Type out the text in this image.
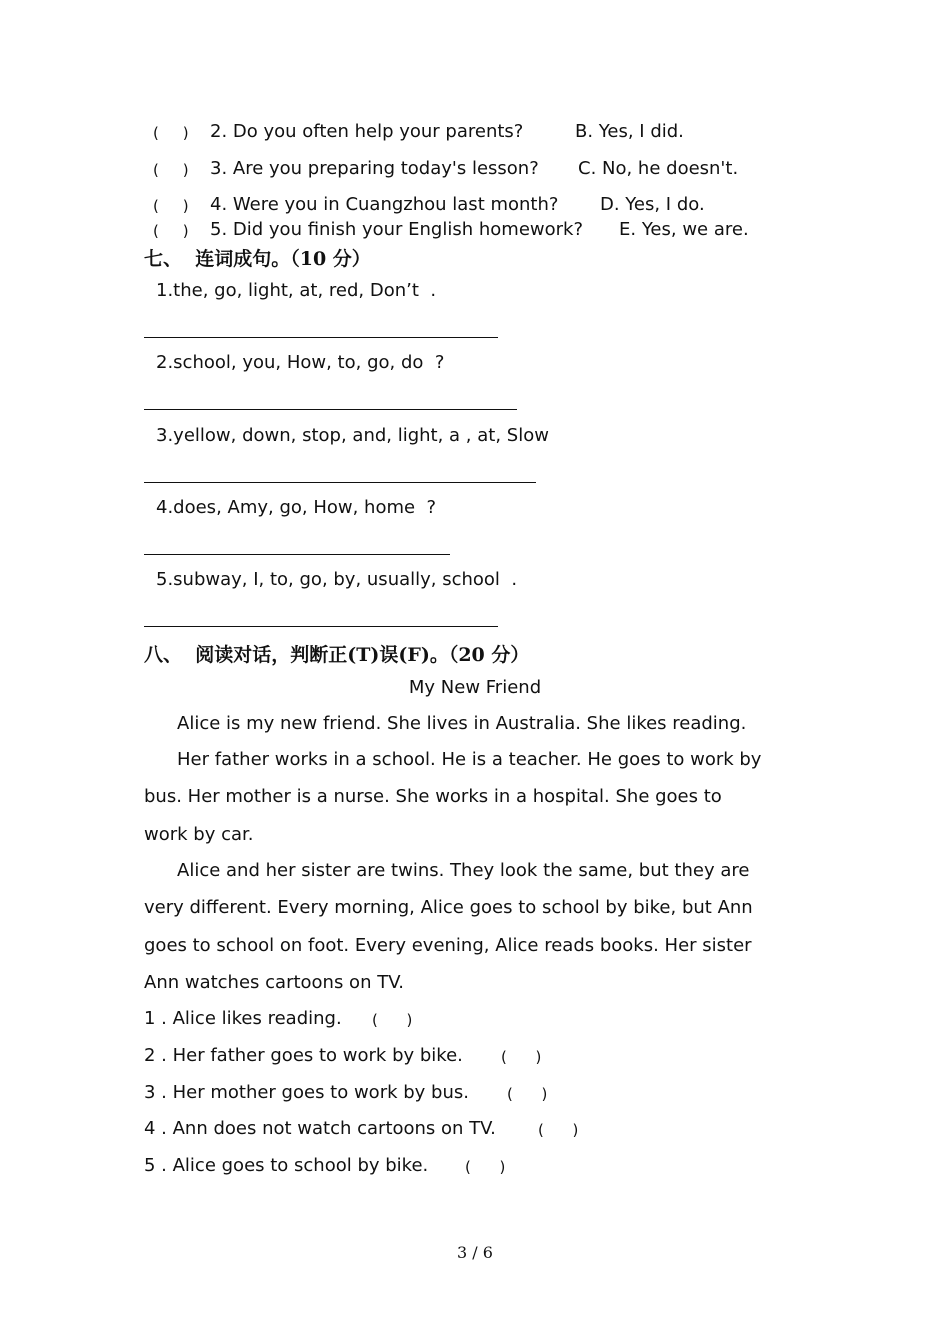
(     ) 2. Do you often help your parents?	B. Yes, I did.
(     ) 3. Are you preparing today's lesson? C. No, he doesn't.
(     ) 4. Were you in Cuangzhou last month? D. Yes, I do.
(     ) 5. Did you finish your English homework? E. Yes, we are.
七、  连词成句。（10 分）
1.the, go, light, at, red, Don’t  .
2.school, you, How, to, go, do  ?
3.yellow, down, stop, and, light, a , at, Slow
4.does, Amy, go, How, home  ?
5.subway, I, to, go, by, usually, school  .
八、  阅读对话，判断正(T)误(F)。（20 分）
My New Friend
Alice is my new friend. She lives in Australia. She likes reading.
Her father works in a school. He is a teacher. He goes to work by
bus. Her mother is a nurse. She works in a hospital. She goes to
work by car.
Alice and her sister are twins. They look the same, but they are
very different. Every morning, Alice goes to school by bike, but Ann
goes to school on foot. Every evening, Alice reads books. Her sister
Ann watches cartoons on TV.
1 . Alice likes reading. (      )
2 . Her father goes to work by bike.	(      )
3 . Her mother goes to work by bus.	(      )
4 . Ann does not watch cartoons on TV.	(      )
5 . Alice goes to school by bike. (      )
3 / 6
